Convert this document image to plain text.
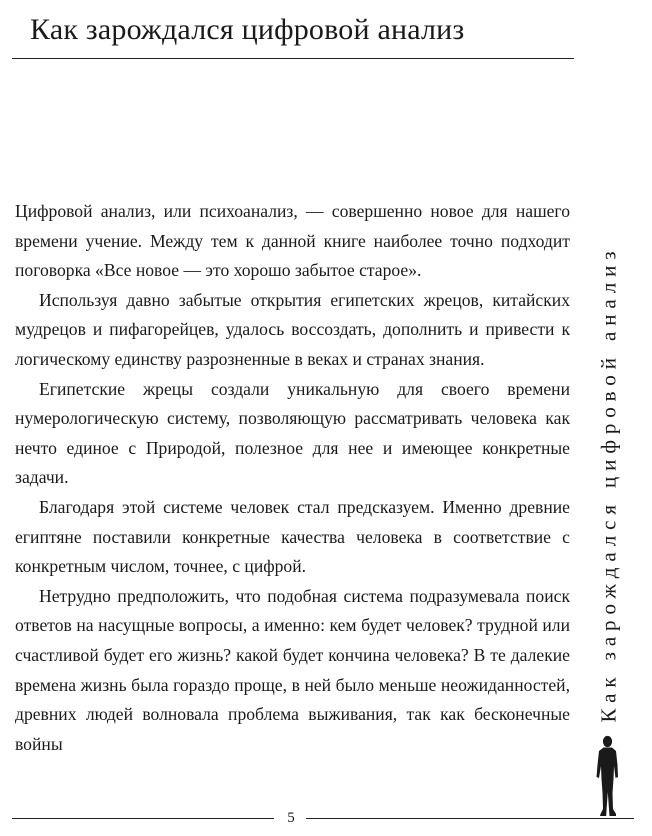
Как зарождался цифровой анализ

Цифровой анализ, или психоанализ, — совершенно новое для нашего времени учение. Между тем к данной книге наиболее точно подходит поговорка «Все новое — это хорошо забытое старое».

Используя давно забытые открытия египетских жрецов, китайских мудрецов и пифагорейцев, удалось воссоздать, дополнить и привести к логическому единству разрозненные в веках и странах знания.

Египетские жрецы создали уникальную для своего времени нумерологическую систему, позволяющую рассматривать человека как нечто единое с Природой, полезное для нее и имеющее конкретные задачи.

Благодаря этой системе человек стал предсказуем. Именно древние египтяне поставили конкретные качества человека в соответствие с конкретным числом, точнее, с цифрой.

Нетрудно предположить, что подобная система подразумевала поиск ответов на насущные вопросы, а именно: кем будет человек? трудной или счастливой будет его жизнь? какой будет кончина человека? В те далекие времена жизнь была гораздо проще, в ней было меньше неожиданностей, древних людей волновала проблема выживания, так как бесконечные войны

Как зарождался цифровой анализ
5
